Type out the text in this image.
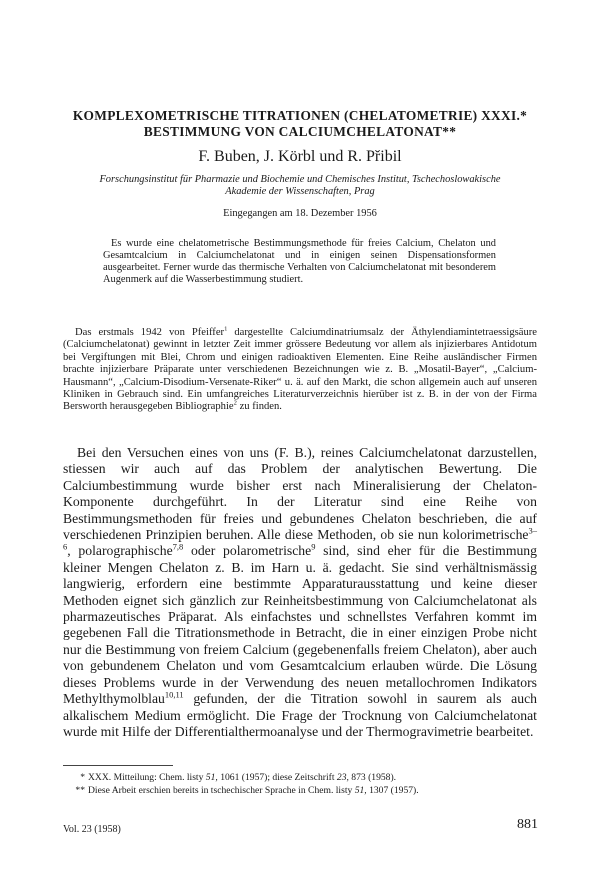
KOMPLEXOMETRISCHE TITRATIONEN (CHELATOMETRIE) XXXI.*

BESTIMMUNG VON CALCIUMCHELATONAT**

F. Buben, J. Körbl und R. Přibil

Forschungsinstitut für Pharmazie und Biochemie und Chemisches Institut, Tschechoslowakische
Akademie der Wissenschaften, Prag

Eingegangen am 18. Dezember 1956

Es wurde eine chelatometrische Bestimmungsmethode für freies Calcium, Chelaton und Gesamtcalcium in Calciumchelatonat und in einigen seinen Dispensationsformen ausgearbeitet. Ferner wurde das thermische Verhalten von Calciumchelatonat mit besonderem Augenmerk auf die Wasserbestimmung studiert.

Das erstmals 1942 von Pfeiffer$^1$ dargestellte Calciumdinatriumsalz der Äthylendiamintetraessigsäure (Calciumchelatonat) gewinnt in letzter Zeit immer grössere Bedeutung vor allem als injizierbares Antidotum bei Vergiftungen mit Blei, Chrom und einigen radioaktiven Elementen. Eine Reihe ausländischer Firmen brachte injizierbare Präparate unter verschiedenen Bezeichnungen wie z. B. „Mosatil-Bayer“, „Calcium-Hausmann“, „Calcium-Disodium-Versenate-Riker“ u. ä. auf den Markt, die schon allgemein auch auf unseren Kliniken in Gebrauch sind. Ein umfangreiches Literaturverzeichnis hierüber ist z. B. in der von der Firma Bersworth herausgegeben Bibliographie$^2$ zu finden.

Bei den Versuchen eines von uns (F. B.), reines Calciumchelatonat darzustellen, stiessen wir auch auf das Problem der analytischen Bewertung. Die Calciumbestimmung wurde bisher erst nach Mineralisierung der Chelaton-Komponente durchgeführt. In der Literatur sind eine Reihe von Bestimmungsmethoden für freies und gebundenes Chelaton beschrieben, die auf verschiedenen Prinzipien beruhen. Alle diese Methoden, ob sie nun kolorimetrische$^{3-6}$, polarographische$^{7,8}$ oder polarometrische$^9$ sind, sind eher für die Bestimmung kleiner Mengen Chelaton z. B. im Harn u. ä. gedacht. Sie sind verhältnismässig langwierig, erfordern eine bestimmte Apparaturausstattung und keine dieser Methoden eignet sich gänzlich zur Reinheitsbestimmung von Calciumchelatonat als pharmazeutisches Präparat. Als einfachstes und schnellstes Verfahren kommt im gegebenen Fall die Titrationsmethode in Betracht, die in einer einzigen Probe nicht nur die Bestimmung von freiem Calcium (gegebenenfalls freiem Chelaton), aber auch von gebundenem Chelaton und vom Gesamtcalcium erlauben würde. Die Lösung dieses Problems wurde in der Verwendung des neuen metallochromen Indikators Methylthymolblau$^{10,11}$ gefunden, der die Titration sowohl in saurem als auch alkalischem Medium ermöglicht. Die Frage der Trocknung von Calciumchelatonat wurde mit Hilfe der Differentialthermoanalyse und der Thermogravimetrie bearbeitet.

* XXX. Mitteilung: Chem. listy 51, 1061 (1957); diese Zeitschrift 23, 873 (1958).

** Diese Arbeit erschien bereits in tschechischer Sprache in Chem. listy 51, 1307 (1957).

Vol. 23 (1958)	881
